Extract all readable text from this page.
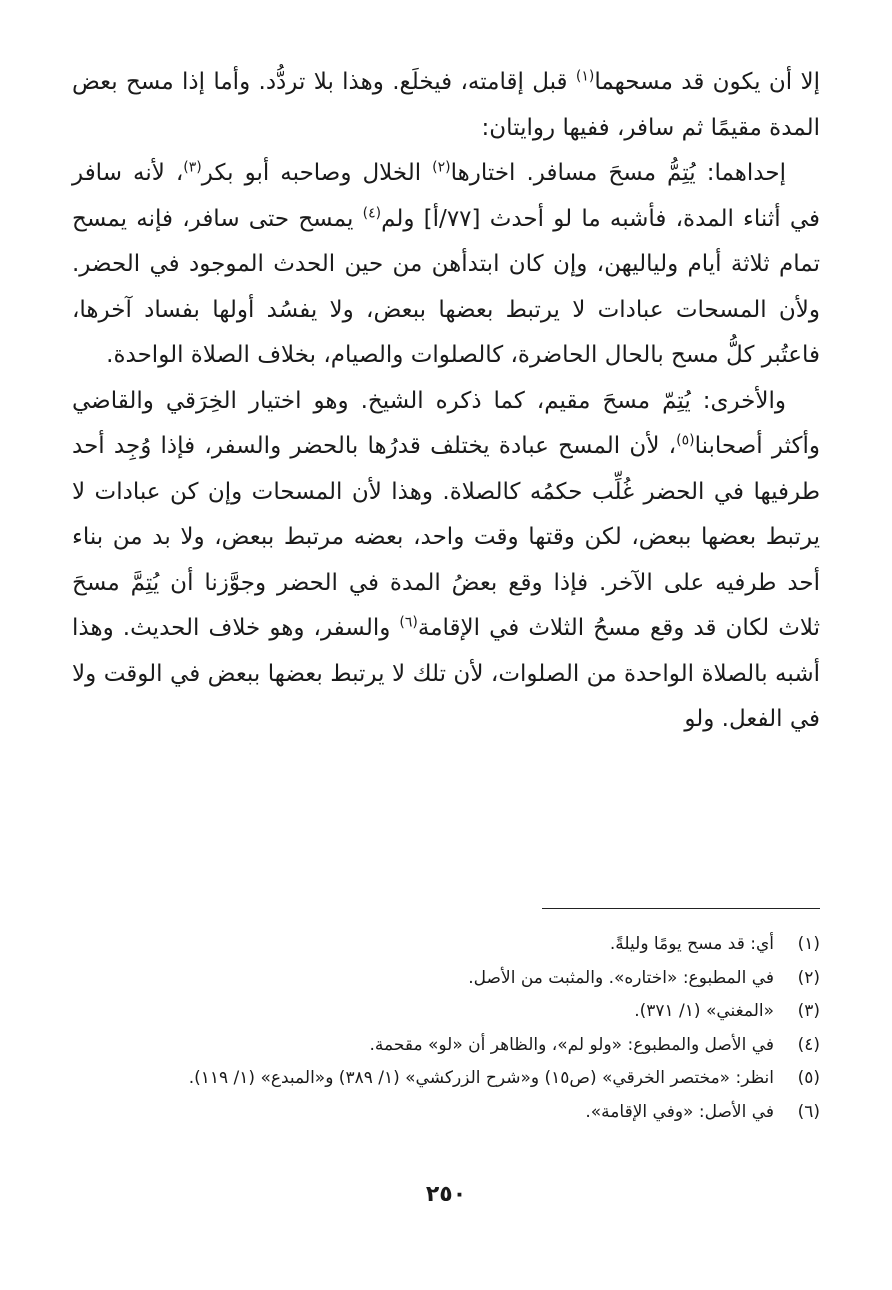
إلا أن يكون قد مسحهما$^{(١)}$ قبل إقامته، فيخلَع. وهذا بلا تردُّد. وأما إذا مسح بعض المدة مقيمًا ثم سافر، ففيها روايتان:

إحداهما: يُتِمُّ مسحَ مسافر. اختارها$^{(٢)}$ الخلال وصاحبه أبو بكر$^{(٣)}$، لأنه سافر في أثناء المدة، فأشبه ما لو أحدث [٧٧/أ] ولم$^{(٤)}$ يمسح حتى سافر، فإنه يمسح تمام ثلاثة أيام ولياليهن، وإن كان ابتدأهن من حين الحدث الموجود في الحضر. ولأن المسحات عبادات لا يرتبط بعضها ببعض، ولا يفسُد أولها بفساد آخرها، فاعتُبر كلُّ مسح بالحال الحاضرة، كالصلوات والصيام، بخلاف الصلاة الواحدة.

والأخرى: يُتِمّ مسحَ مقيم، كما ذكره الشيخ. وهو اختيار الخِرَقي والقاضي وأكثر أصحابنا$^{(٥)}$، لأن المسح عبادة يختلف قدرُها بالحضر والسفر، فإذا وُجِد أحد طرفيها في الحضر غُلِّب حكمُه كالصلاة. وهذا لأن المسحات وإن كن عبادات لا يرتبط بعضها ببعض، لكن وقتها وقت واحد، بعضه مرتبط ببعض، ولا بد من بناء أحد طرفيه على الآخر. فإذا وقع بعضُ المدة في الحضر وجوَّزنا أن يُتِمَّ مسحَ ثلاث لكان قد وقع مسحُ الثلاث في الإقامة$^{(٦)}$ والسفر، وهو خلاف الحديث. وهذا أشبه بالصلاة الواحدة من الصلوات، لأن تلك لا يرتبط بعضها ببعض في الوقت ولا في الفعل. ولو

(١)
أي: قد مسح يومًا وليلةً.
(٢)
في المطبوع: «اختاره». والمثبت من الأصل.
(٣)
«المغني» (١/ ٣٧١).
(٤)
في الأصل والمطبوع: «ولو لم»، والظاهر أن «لو» مقحمة.
(٥)
انظر: «مختصر الخرقي» (ص١٥) و«شرح الزركشي» (١/ ٣٨٩) و«المبدع» (١/ ١١٩).
(٦)
في الأصل: «وفي الإقامة».
٢٥٠
